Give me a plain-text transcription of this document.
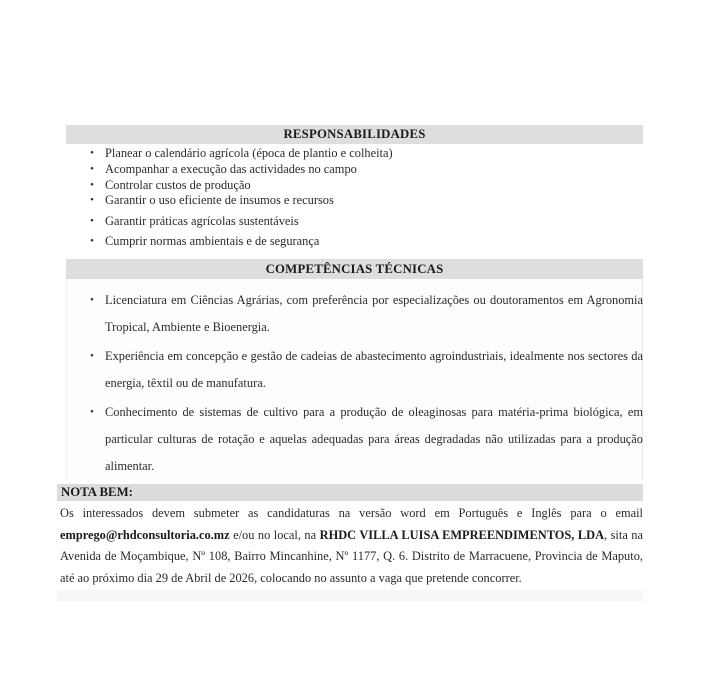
RESPONSABILIDADES
• Planear o calendário agrícola (época de plantio e colheita)
• Acompanhar a execução das actividades no campo
• Controlar custos de produção
• Garantir o uso eficiente de insumos e recursos
• Garantir práticas agrícolas sustentáveis
• Cumprir normas ambientais e de segurança
COMPETÊNCIAS TÉCNICAS
• Licenciatura em Ciências Agrárias, com preferência por especializações ou doutoramentos em Agronomia Tropical, Ambiente e Bioenergia.
• Experiência em concepção e gestão de cadeias de abastecimento agroindustriais, idealmente nos sectores da energia, têxtil ou de manufatura.
• Conhecimento de sistemas de cultivo para a produção de oleaginosas para matéria-prima biológica, em particular culturas de rotação e aquelas adequadas para áreas degradadas não utilizadas para a produção alimentar.
NOTA BEM:
Os interessados devem submeter as candidaturas na versão word em Português e Inglês para o email emprego@rhdconsultoria.co.mz e/ou no local, na RHDC VILLA LUISA EMPREENDIMENTOS, LDA, sita na Avenida de Moçambique, Nº 108, Bairro Mincanhine, Nº 1177, Q. 6. Distrito de Marracuene, Provincia de Maputo, até ao próximo dia 29 de Abril de 2026, colocando no assunto a vaga que pretende concorrer.
